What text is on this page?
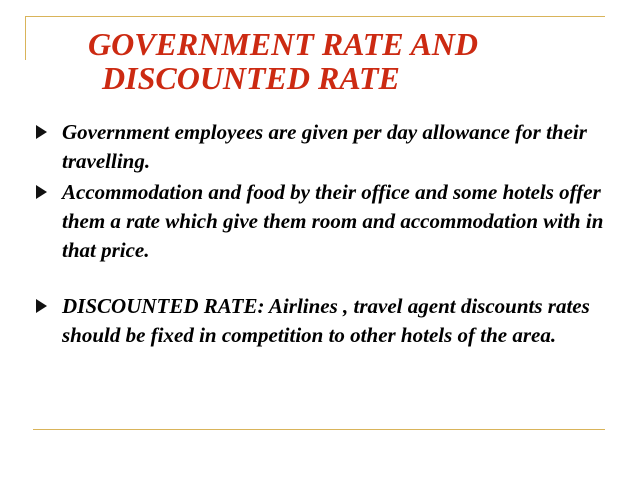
GOVERNMENT RATE AND
DISCOUNTED RATE
Government employees are given per day allowance for their travelling.
Accommodation and food by their office and some hotels offer them a rate which give them room and accommodation with in that price.
DISCOUNTED RATE: Airlines , travel agent discounts rates should be fixed in competition to other hotels of the area.
